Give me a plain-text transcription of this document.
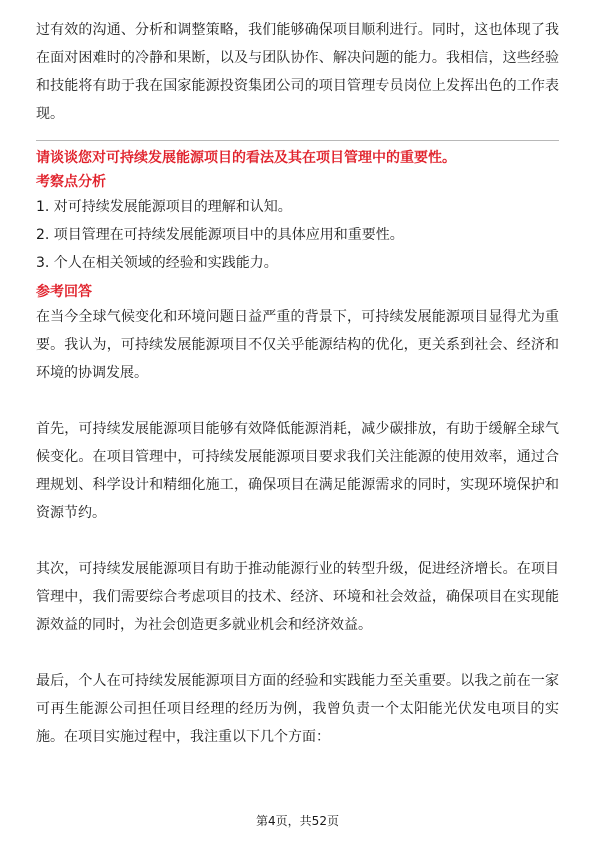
过有效的沟通、分析和调整策略，我们能够确保项目顺利进行。同时，这也体现了我在面对困难时的冷静和果断，以及与团队协作、解决问题的能力。我相信，这些经验和技能将有助于我在国家能源投资集团公司的项目管理专员岗位上发挥出色的工作表现。

请谈谈您对可持续发展能源项目的看法及其在项目管理中的重要性。

考察点分析

1. 对可持续发展能源项目的理解和认知。

2. 项目管理在可持续发展能源项目中的具体应用和重要性。

3. 个人在相关领域的经验和实践能力。

参考回答

在当今全球气候变化和环境问题日益严重的背景下，可持续发展能源项目显得尤为重要。我认为，可持续发展能源项目不仅关乎能源结构的优化，更关系到社会、经济和环境的协调发展。

首先，可持续发展能源项目能够有效降低能源消耗，减少碳排放，有助于缓解全球气候变化。在项目管理中，可持续发展能源项目要求我们关注能源的使用效率，通过合理规划、科学设计和精细化施工，确保项目在满足能源需求的同时，实现环境保护和资源节约。

其次，可持续发展能源项目有助于推动能源行业的转型升级，促进经济增长。在项目管理中，我们需要综合考虑项目的技术、经济、环境和社会效益，确保项目在实现能源效益的同时，为社会创造更多就业机会和经济效益。

最后，个人在可持续发展能源项目方面的经验和实践能力至关重要。以我之前在一家可再生能源公司担任项目经理的经历为例，我曾负责一个太阳能光伏发电项目的实施。在项目实施过程中，我注重以下几个方面：

第4页，共52页
